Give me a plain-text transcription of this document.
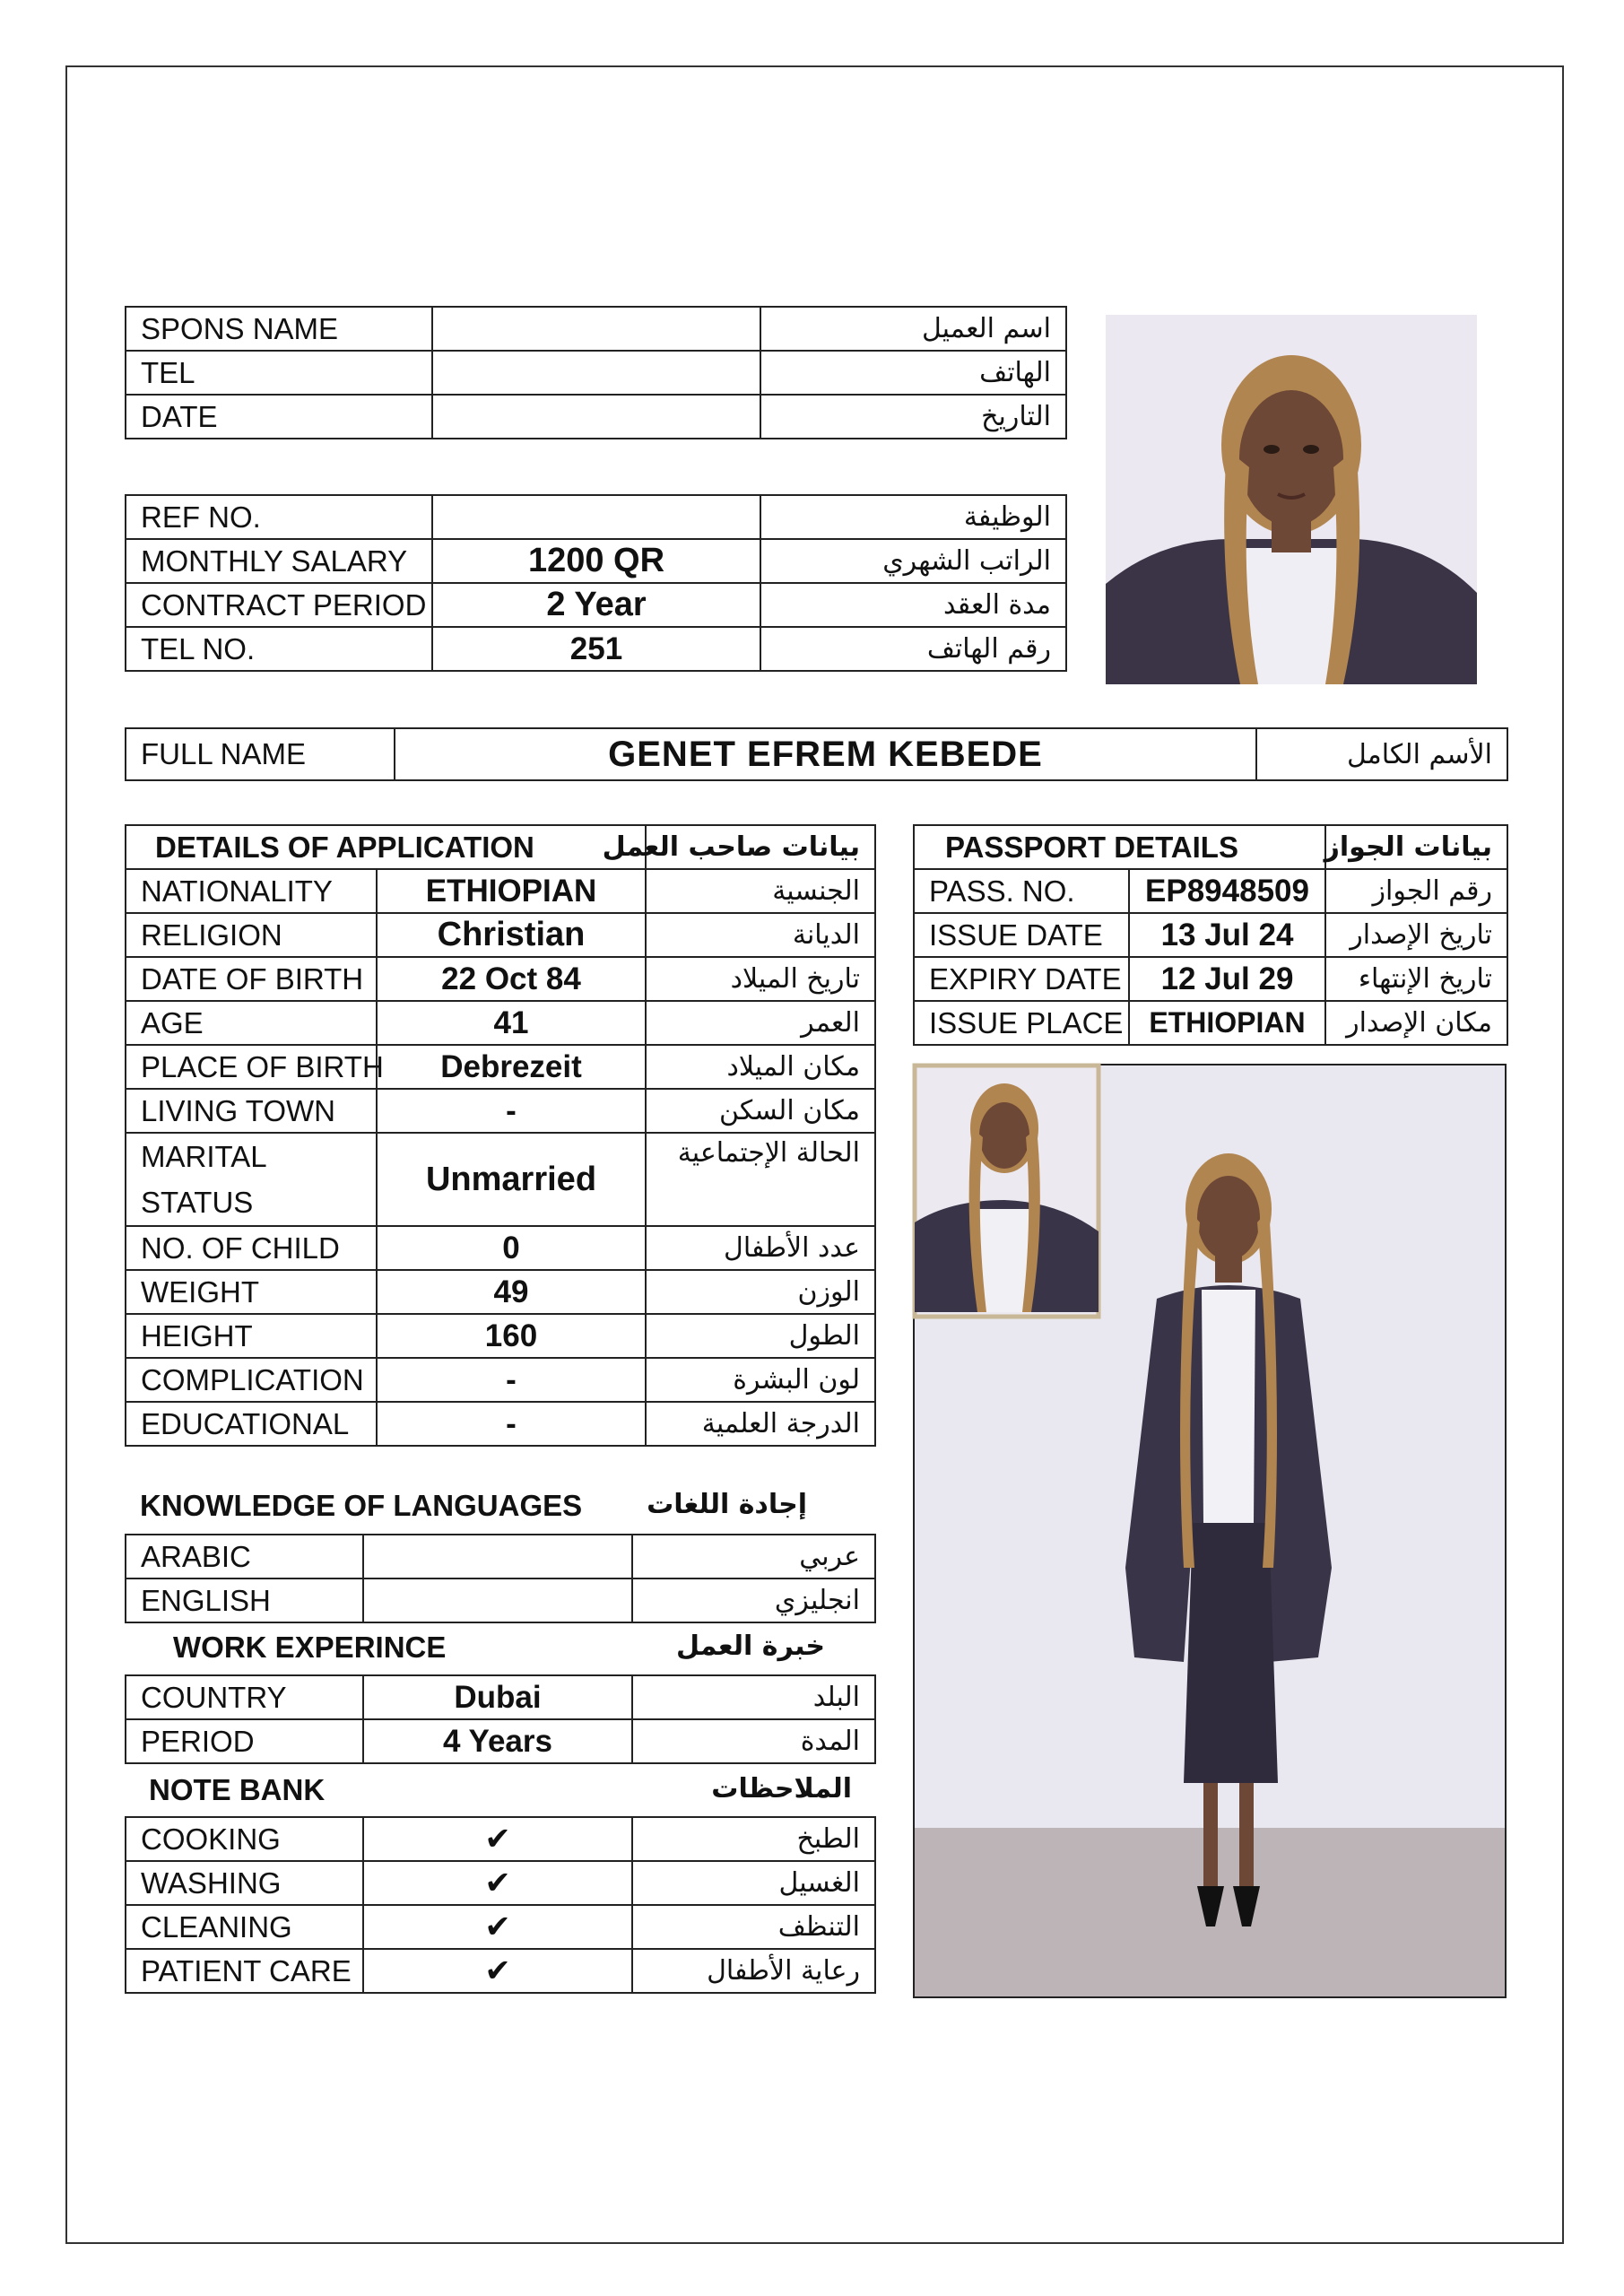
SPONS NAME		اسم العميل
TEL		الهاتف
DATE		التاريخ
REF NO.		الوظيفة
MONTHLY SALARY	1200 QR	الراتب الشهري
CONTRACT PERIOD	2 Year	مدة العقد
TEL NO.	251	رقم الهاتف
FULL NAME	GENET EFREM KEBEDE	الأسم الكامل
DETAILS OF APPLICATION		بيانات صاحب العمل
NATIONALITY	ETHIOPIAN	الجنسية
RELIGION	Christian	الديانة
DATE OF BIRTH	22 Oct 84	تاريخ الميلاد
AGE	41	العمر
PLACE OF BIRTH	Debrezeit	مكان الميلاد
LIVING TOWN	-	مكان السكن
MARITAL STATUS	Unmarried	الحالة الإجتماعية
NO. OF CHILD	0	عدد الأطفال
WEIGHT	49	الوزن
HEIGHT	160	الطول
COMPLICATION	-	لون البشرة
EDUCATIONAL	-	الدرجة العلمية
KNOWLEDGE OF LANGUAGES	إجادة اللغات
ARABIC		عربي
ENGLISH		انجليزي
WORK EXPERINCE	خبرة العمل
COUNTRY	Dubai	البلد
PERIOD	4 Years	المدة
NOTE BANK	الملاحظات
COOKING	✔	الطبخ
WASHING	✔	الغسيل
CLEANING	✔	التنظف
PATIENT CARE	✔	رعاية الأطفال
PASSPORT DETAILS		بيانات الجواز
PASS. NO.	EP8948509	رقم الجواز
ISSUE DATE	13 Jul 24	تاريخ الإصدار
EXPIRY DATE	12 Jul 29	تاريخ الإنتهاء
ISSUE PLACE	ETHIOPIAN	مكان الإصدار
